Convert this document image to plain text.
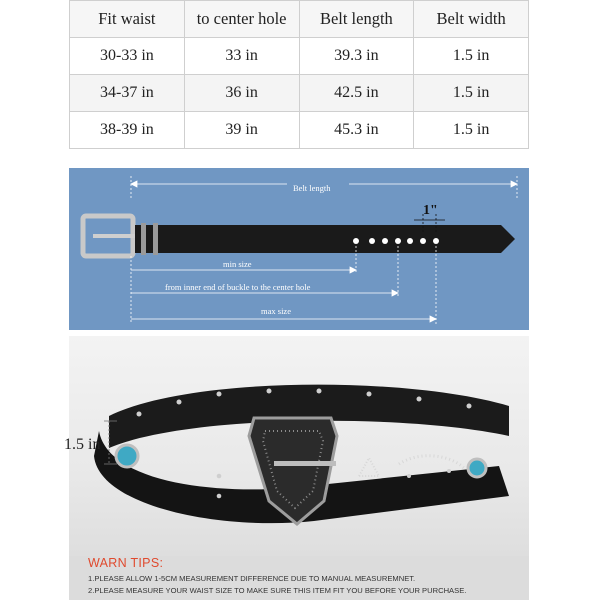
Fit waist	to center hole	Belt length	Belt width
30-33 in	33 in	39.3 in	1.5 in
34-37 in	36 in	42.5 in	1.5 in
38-39 in	39 in	45.3 in	1.5 in
Belt length
1"
min size
from inner end of buckle to the center hole
max size
1.5 in
WARN TIPS:
1.PLEASE ALLOW 1-5CM MEASUREMENT DIFFERENCE DUE TO MANUAL MEASUREMNET.
2.PLEASE MEASURE YOUR WAIST SIZE TO MAKE SURE THIS ITEM FIT YOU BEFORE YOUR PURCHASE.
